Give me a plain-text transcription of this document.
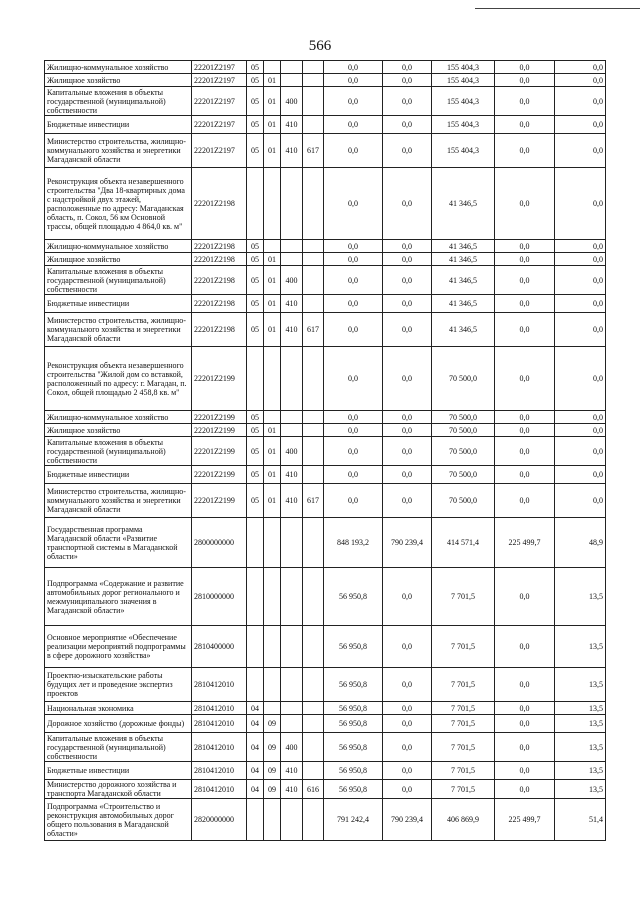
566
Жилищно-коммунальное хозяйство	22201Z2197	05				0,0	0,0	155 404,3	0,0	0,0
Жилищное хозяйство	22201Z2197	05	01			0,0	0,0	155 404,3	0,0	0,0
Капитальные вложения в объекты государственной (муниципальной) собственности	22201Z2197	05	01	400		0,0	0,0	155 404,3	0,0	0,0
Бюджетные инвестиции	22201Z2197	05	01	410		0,0	0,0	155 404,3	0,0	0,0
Министерство строительства, жилищно-коммунального хозяйства и энергетики Магаданской области	22201Z2197	05	01	410	617	0,0	0,0	155 404,3	0,0	0,0
Реконструкция объекта незавершенного строительства "Два 18-квартирных дома с надстройкой двух этажей, расположенные по адресу: Магаданская область, п. Сокол, 56 км Основной трассы, общей площадью 4 864,0 кв. м"	22201Z2198					0,0	0,0	41 346,5	0,0	0,0
Жилищно-коммунальное хозяйство	22201Z2198	05				0,0	0,0	41 346,5	0,0	0,0
Жилищное хозяйство	22201Z2198	05	01			0,0	0,0	41 346,5	0,0	0,0
Капитальные вложения в объекты государственной (муниципальной) собственности	22201Z2198	05	01	400		0,0	0,0	41 346,5	0,0	0,0
Бюджетные инвестиции	22201Z2198	05	01	410		0,0	0,0	41 346,5	0,0	0,0
Министерство строительства, жилищно-коммунального хозяйства и энергетики Магаданской области	22201Z2198	05	01	410	617	0,0	0,0	41 346,5	0,0	0,0
Реконструкция объекта незавершенного строительства "Жилой дом со вставкой, расположенный по адресу: г. Магадан, п. Сокол, общей площадью 2 458,8 кв. м"	22201Z2199					0,0	0,0	70 500,0	0,0	0,0
Жилищно-коммунальное хозяйство	22201Z2199	05				0,0	0,0	70 500,0	0,0	0,0
Жилищное хозяйство	22201Z2199	05	01			0,0	0,0	70 500,0	0,0	0,0
Капитальные вложения в объекты государственной (муниципальной) собственности	22201Z2199	05	01	400		0,0	0,0	70 500,0	0,0	0,0
Бюджетные инвестиции	22201Z2199	05	01	410		0,0	0,0	70 500,0	0,0	0,0
Министерство строительства, жилищно-коммунального хозяйства и энергетики Магаданской области	22201Z2199	05	01	410	617	0,0	0,0	70 500,0	0,0	0,0
Государственная программа Магаданской области «Развитие транспортной системы в Магаданской области»	2800000000					848 193,2	790 239,4	414 571,4	225 499,7	48,9
Подпрограмма «Содержание и развитие автомобильных дорог регионального и межмуниципального значения в Магаданской области»	2810000000					56 950,8	0,0	7 701,5	0,0	13,5
Основное мероприятие «Обеспечение реализации мероприятий подпрограммы в сфере дорожного хозяйства»	2810400000					56 950,8	0,0	7 701,5	0,0	13,5
Проектно-изыскательские работы будущих лет и проведение экспертиз проектов	2810412010					56 950,8	0,0	7 701,5	0,0	13,5
Национальная экономика	2810412010	04				56 950,8	0,0	7 701,5	0,0	13,5
Дорожное хозяйство (дорожные фонды)	2810412010	04	09			56 950,8	0,0	7 701,5	0,0	13,5
Капитальные вложения в объекты государственной (муниципальной) собственности	2810412010	04	09	400		56 950,8	0,0	7 701,5	0,0	13,5
Бюджетные инвестиции	2810412010	04	09	410		56 950,8	0,0	7 701,5	0,0	13,5
Министерство дорожного хозяйства и транспорта Магаданской области	2810412010	04	09	410	616	56 950,8	0,0	7 701,5	0,0	13,5
Подпрограмма «Строительство и реконструкция автомобильных дорог общего пользования в Магаданской области»	2820000000					791 242,4	790 239,4	406 869,9	225 499,7	51,4
